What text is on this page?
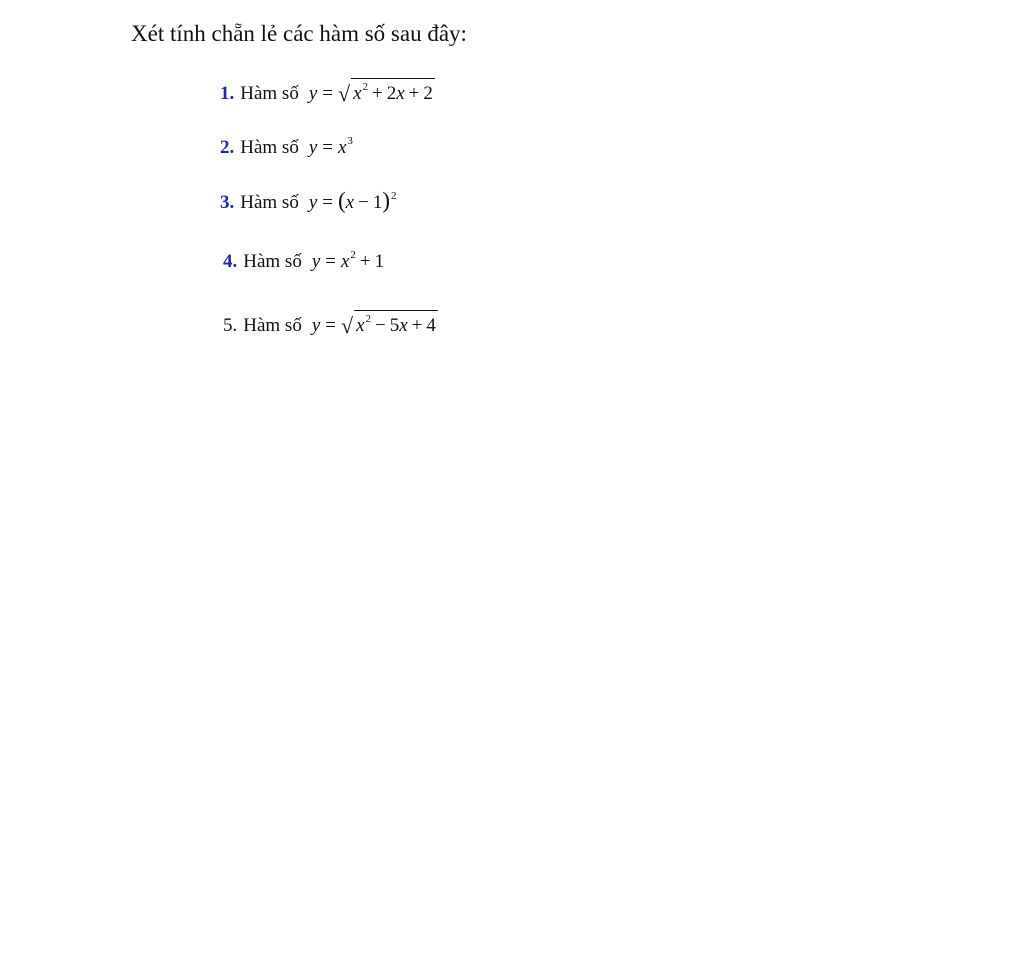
Xét tính chẵn lẻ các hàm số sau đây:
1. Hàm số y = √ x 2 + 2 x + 2
2. Hàm số y = x 3
3. Hàm số y = ( x − 1 ) 2
4. Hàm số y = x 2 + 1
5. Hàm số y = √ x 2 − 5 x + 4
